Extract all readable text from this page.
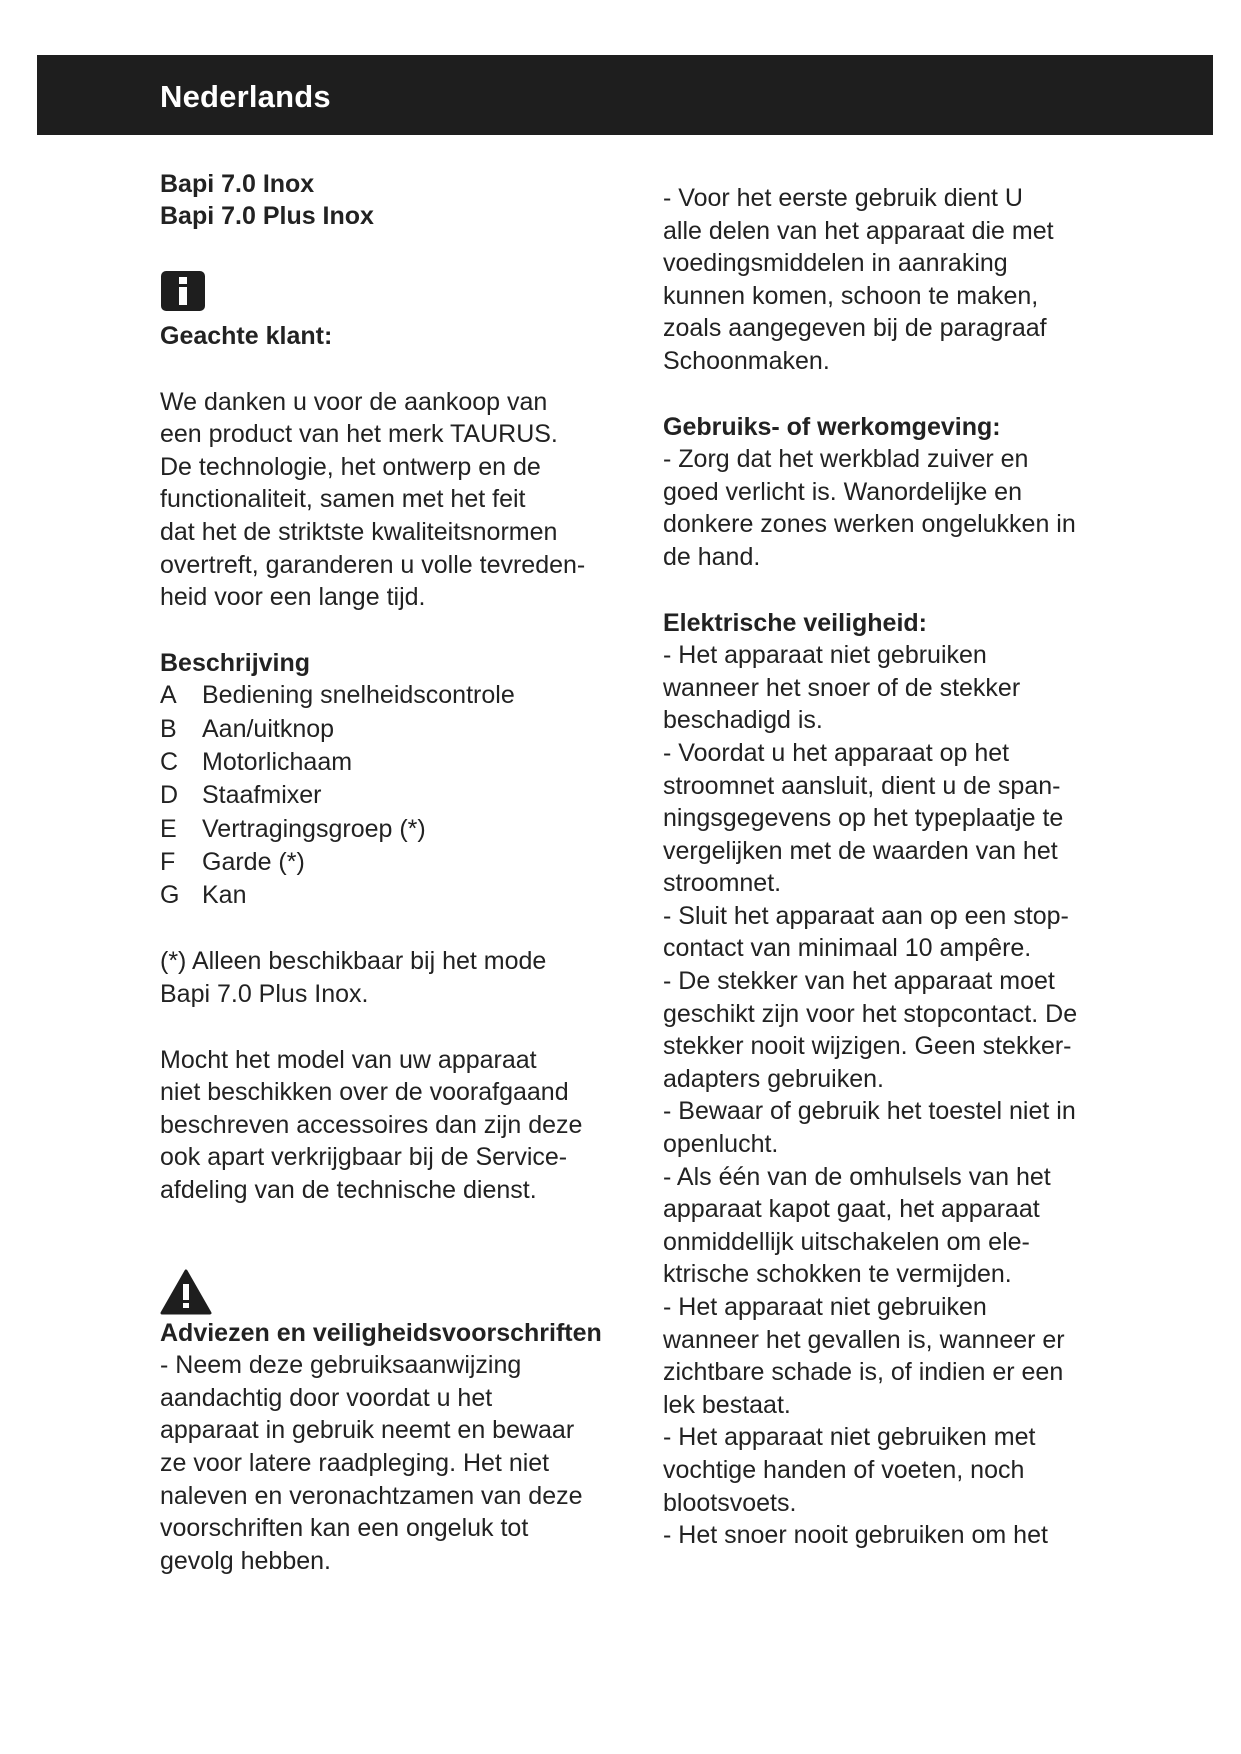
Nederlands
Bapi 7.0 Inox
Bapi 7.0 Plus Inox

Geachte klant:

We danken u voor de aankoop van
een product van het merk TAURUS.
De technologie, het ontwerp en de
functionaliteit, samen met het feit
dat het de striktste kwaliteitsnormen
overtreft, garanderen u volle tevreden-
heid voor een lange tijd.

Beschrijving

A	Bediening snelheidscontrole
B	Aan/uitknop
C Motorlichaam
D Staafmixer
E	Vertragingsgroep (*)
F	Garde (*)
G Kan
(*) Alleen beschikbaar bij het mode
Bapi 7.0 Plus Inox.
Mocht het model van uw apparaat
niet beschikken over de voorafgaand
beschreven accessoires dan zijn deze
ook apart verkrijgbaar bij de Service-
afdeling van de technische dienst.

Adviezen en veiligheidsvoorschriften

- Neem deze gebruiksaanwijzing
aandachtig door voordat u het
apparaat in gebruik neemt en bewaar
ze voor latere raadpleging. Het niet
naleven en veronachtzamen van deze
voorschriften kan een ongeluk tot
gevolg hebben.
- Voor het eerste gebruik dient U
alle delen van het apparaat die met
voedingsmiddelen in aanraking
kunnen komen, schoon te maken,
zoals aangegeven bij de paragraaf
Schoonmaken.

Gebruiks- of werkomgeving:

- Zorg dat het werkblad zuiver en
goed verlicht is. Wanordelijke en
donkere zones werken ongelukken in
de hand.

Elektrische veiligheid:

- Het apparaat niet gebruiken
wanneer het snoer of de stekker
beschadigd is.
- Voordat u het apparaat op het
stroomnet aansluit, dient u de span-
ningsgegevens op het typeplaatje te
vergelijken met de waarden van het
stroomnet.
- Sluit het apparaat aan op een stop-
contact van minimaal 10 ampêre.
- De stekker van het apparaat moet
geschikt zijn voor het stopcontact. De
stekker nooit wijzigen. Geen stekker-
adapters gebruiken.
- Bewaar of gebruik het toestel niet in
openlucht.
- Als één van de omhulsels van het
apparaat kapot gaat, het apparaat
onmiddellijk uitschakelen om ele-
ktrische schokken te vermijden.
- Het apparaat niet gebruiken
wanneer het gevallen is, wanneer er
zichtbare schade is, of indien er een
lek bestaat.
- Het apparaat niet gebruiken met
vochtige handen of voeten, noch
blootsvoets.
- Het snoer nooit gebruiken om het
